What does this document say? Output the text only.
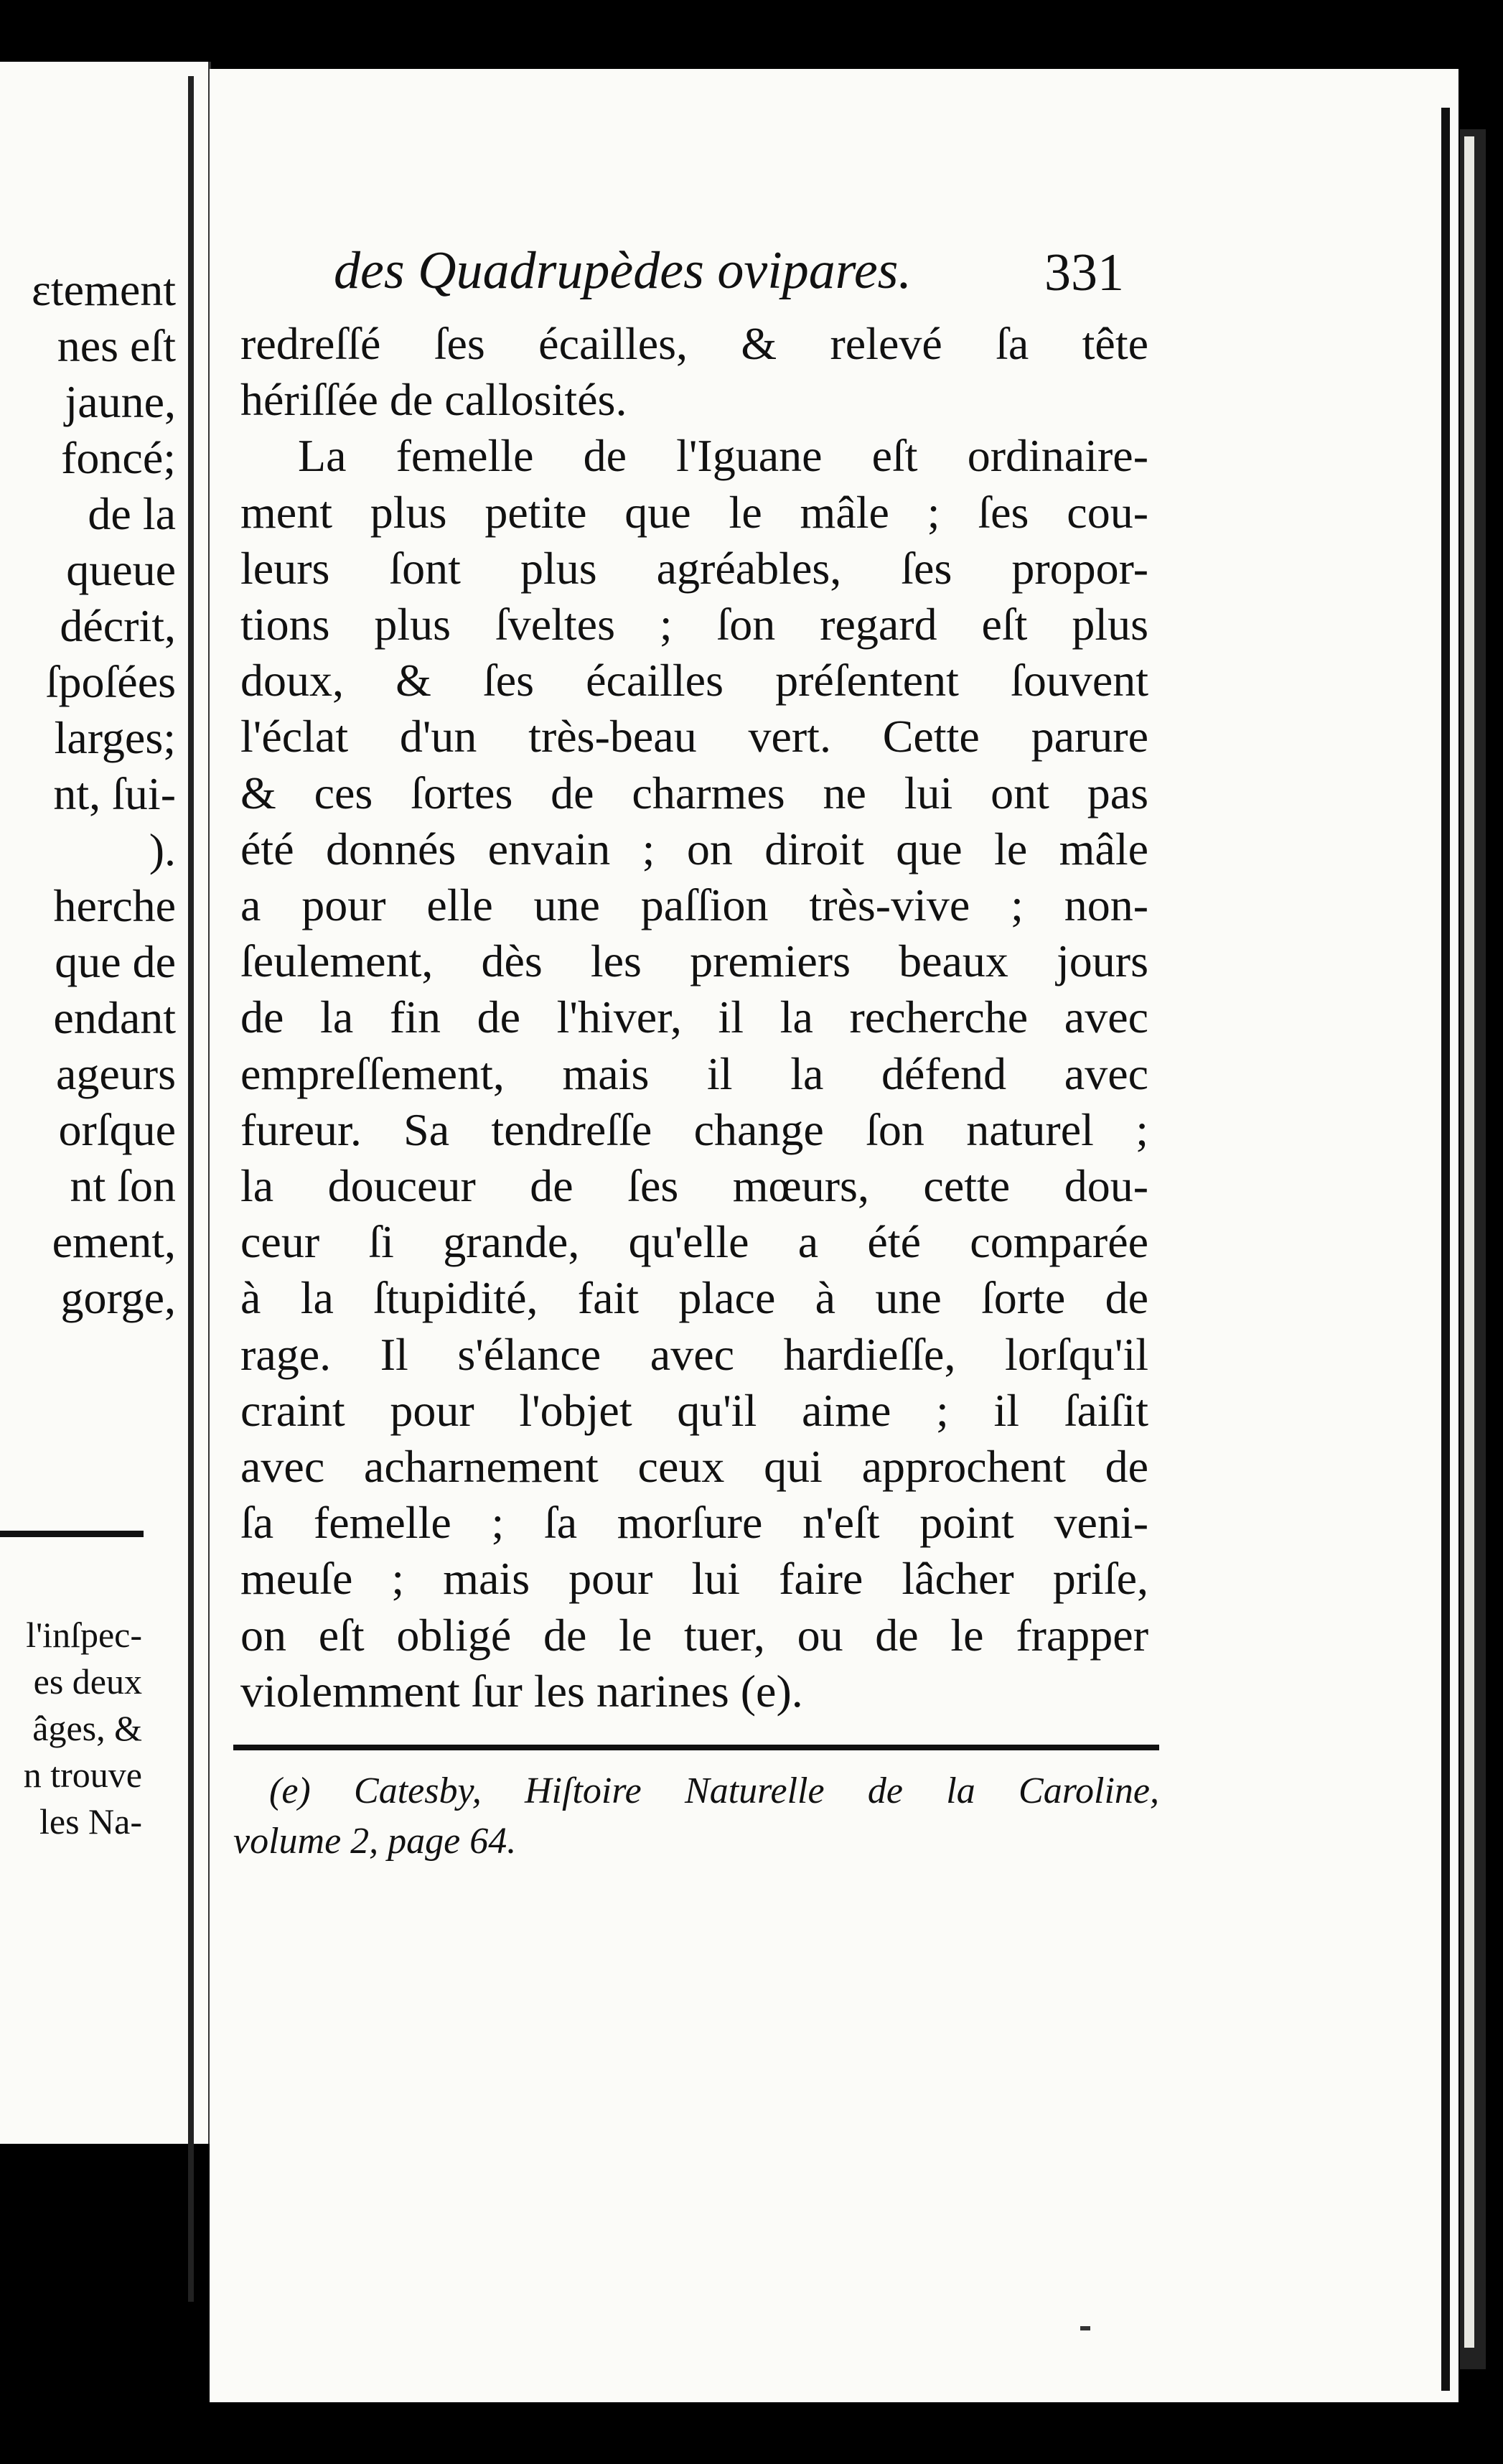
ɛtement
nes eſt
jaune,
foncé;
de la
queue
décrit,
ſpoſées
larges;
nt, ſui-
).
herche
que de
endant
ageurs
orſque
nt ſon
ement,
gorge,
l'inſpec-
es deux
âges, &
n trouve
les Na-
des Quadrupèdes ovipares.	331
redreſſé ſes écailles, & relevé ſa tête
hériſſée de callosités.
La femelle de l'Iguane eſt ordinaire-
ment plus petite que le mâle ; ſes cou-
leurs ſont plus agréables, ſes propor-
tions plus ſveltes ; ſon regard eſt plus
doux, & ſes écailles préſentent ſouvent
l'éclat d'un très-beau vert. Cette parure
& ces ſortes de charmes ne lui ont pas
été donnés envain ; on diroit que le mâle
a pour elle une paſſion très-vive ; non-
ſeulement, dès les premiers beaux jours
de la fin de l'hiver, il la recherche avec
empreſſement, mais il la défend avec
fureur. Sa tendreſſe change ſon naturel ;
la douceur de ſes mœurs, cette dou-
ceur ſi grande, qu'elle a été comparée
à la ſtupidité, fait place à une ſorte de
rage. Il s'élance avec hardieſſe, lorſqu'il
craint pour l'objet qu'il aime ; il ſaiſit
avec acharnement ceux qui approchent de
ſa femelle ; ſa morſure n'eſt point veni-
meuſe ; mais pour lui faire lâcher priſe,
on eſt obligé de le tuer, ou de le frapper
violemment ſur les narines (e).
(e) Catesby, Hiſtoire Naturelle de la Caroline,
volume 2, page 64.
